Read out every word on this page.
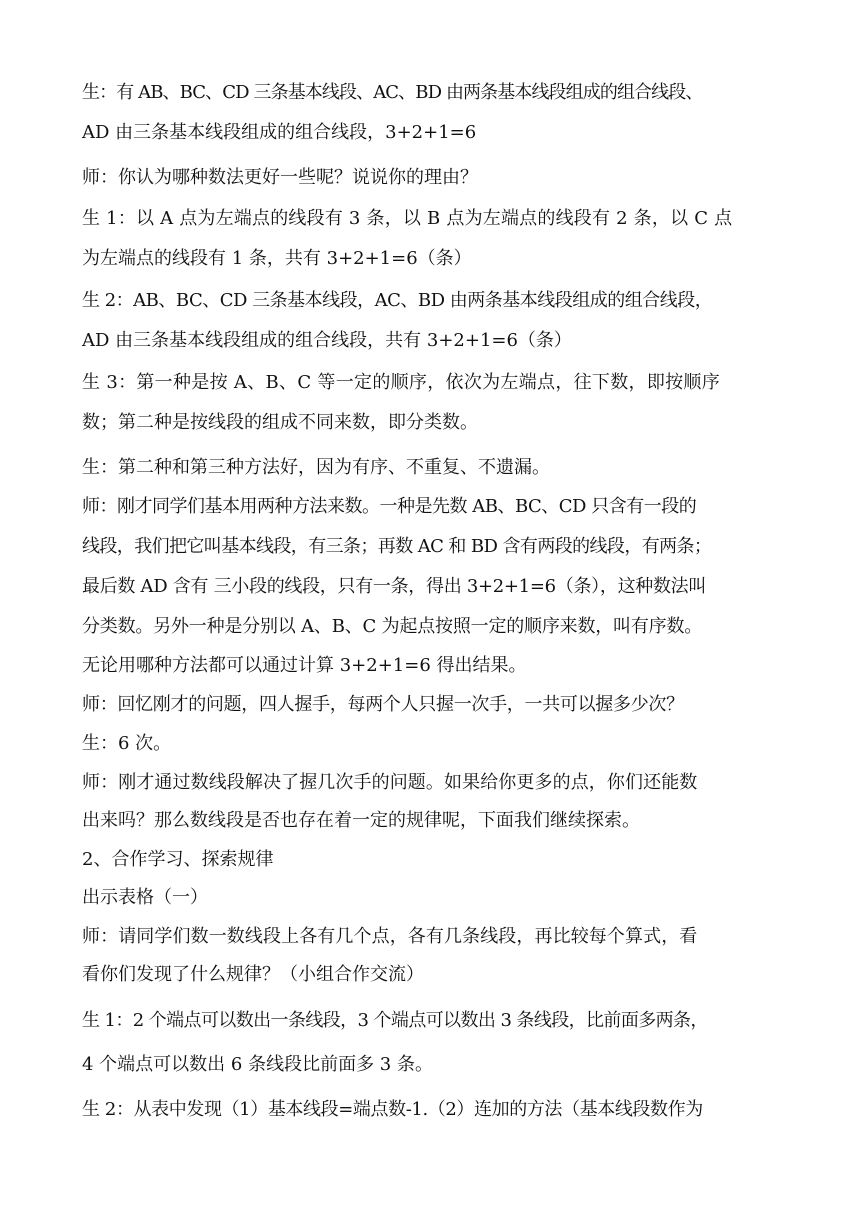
生：有 AB、BC、CD 三条基本线段、AC、BD 由两条基本线段组成的组合线段、
AD 由三条基本线段组成的组合线段，3+2+1=6
师：你认为哪种数法更好一些呢？说说你的理由？
生 1：以 A 点为左端点的线段有 3 条，以 B 点为左端点的线段有 2 条，以 C 点
为左端点的线段有 1 条，共有 3+2+1=6（条）
生 2：AB、BC、CD 三条基本线段，AC、BD 由两条基本线段组成的组合线段，
AD 由三条基本线段组成的组合线段，共有 3+2+1=6（条）
生 3：第一种是按 A、B、C 等一定的顺序，依次为左端点，往下数，即按顺序
数；第二种是按线段的组成不同来数，即分类数。
生：第二种和第三种方法好，因为有序、不重复、不遗漏。
师：刚才同学们基本用两种方法来数。一种是先数 AB、BC、CD 只含有一段的
线段，我们把它叫基本线段，有三条；再数 AC 和 BD 含有两段的线段，有两条；
最后数 AD 含有 三小段的线段，只有一条，得出 3+2+1=6（条），这种数法叫
分类数。另外一种是分别以 A、B、C 为起点按照一定的顺序来数，叫有序数。
无论用哪种方法都可以通过计算 3+2+1=6 得出结果。
师：回忆刚才的问题，四人握手，每两个人只握一次手，一共可以握多少次？
生：6 次。
师：刚才通过数线段解决了握几次手的问题。如果给你更多的点，你们还能数
出来吗？那么数线段是否也存在着一定的规律呢，下面我们继续探索。
2、合作学习、探索规律
出示表格（一）
师：请同学们数一数线段上各有几个点，各有几条线段，再比较每个算式，看
看你们发现了什么规律？（小组合作交流）
生 1：2 个端点可以数出一条线段，3 个端点可以数出 3 条线段，比前面多两条，
4 个端点可以数出 6 条线段比前面多 3 条。
生 2：从表中发现（1）基本线段=端点数-1.（2）连加的方法（基本线段数作为
